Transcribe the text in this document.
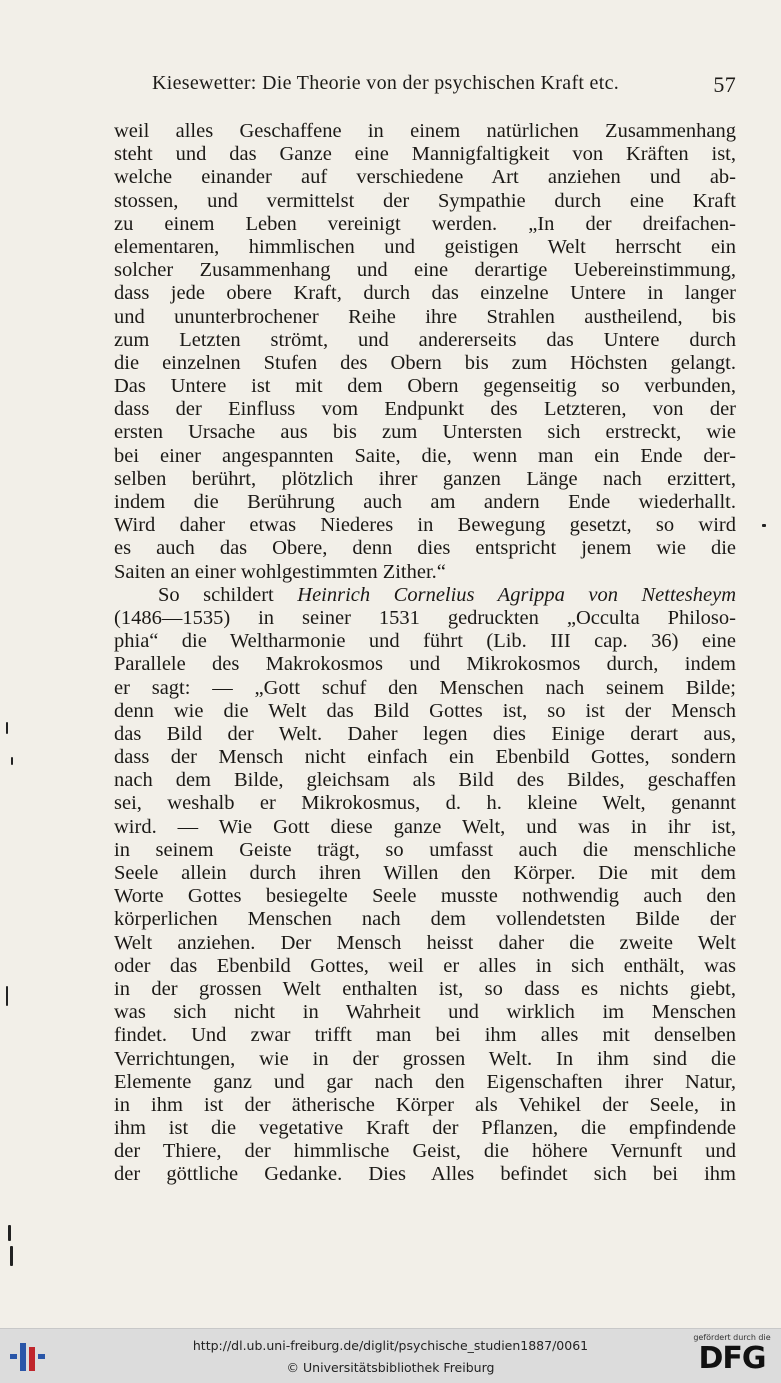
Kiesewetter: Die Theorie von der psychischen Kraft etc.	57
weil alles Geschaffene in einem natürlichen Zusammenhang
steht und das Ganze eine Mannigfaltigkeit von Kräften ist,
welche einander auf verschiedene Art anziehen und ab-
stossen, und vermittelst der Sympathie durch eine Kraft
zu einem Leben vereinigt werden. „In der dreifachen-
elementaren, himmlischen und geistigen Welt herrscht ein
solcher Zusammenhang und eine derartige Uebereinstimmung,
dass jede obere Kraft, durch das einzelne Untere in langer
und ununterbrochener Reihe ihre Strahlen austheilend, bis
zum Letzten strömt, und andererseits das Untere durch
die einzelnen Stufen des Obern bis zum Höchsten gelangt.
Das Untere ist mit dem Obern gegenseitig so verbunden,
dass der Einfluss vom Endpunkt des Letzteren, von der
ersten Ursache aus bis zum Untersten sich erstreckt, wie
bei einer angespannten Saite, die, wenn man ein Ende der-
selben berührt, plötzlich ihrer ganzen Länge nach erzittert,
indem die Berührung auch am andern Ende wiederhallt.
Wird daher etwas Niederes in Bewegung gesetzt, so wird
es auch das Obere, denn dies entspricht jenem wie die
Saiten an einer wohlgestimmten Zither.“
So schildert Heinrich Cornelius Agrippa von Nettesheym
(1486—1535) in seiner 1531 gedruckten „Occulta Philoso-
phia“ die Weltharmonie und führt (Lib. III cap. 36) eine
Parallele des Makrokosmos und Mikrokosmos durch, indem
er sagt: — „Gott schuf den Menschen nach seinem Bilde;
denn wie die Welt das Bild Gottes ist, so ist der Mensch
das Bild der Welt. Daher legen dies Einige derart aus,
dass der Mensch nicht einfach ein Ebenbild Gottes, sondern
nach dem Bilde, gleichsam als Bild des Bildes, geschaffen
sei, weshalb er Mikrokosmus, d. h. kleine Welt, genannt
wird. — Wie Gott diese ganze Welt, und was in ihr ist,
in seinem Geiste trägt, so umfasst auch die menschliche
Seele allein durch ihren Willen den Körper. Die mit dem
Worte Gottes besiegelte Seele musste nothwendig auch den
körperlichen Menschen nach dem vollendetsten Bilde der
Welt anziehen. Der Mensch heisst daher die zweite Welt
oder das Ebenbild Gottes, weil er alles in sich enthält, was
in der grossen Welt enthalten ist, so dass es nichts giebt,
was sich nicht in Wahrheit und wirklich im Menschen
findet. Und zwar trifft man bei ihm alles mit denselben
Verrichtungen, wie in der grossen Welt. In ihm sind die
Elemente ganz und gar nach den Eigenschaften ihrer Natur,
in ihm ist der ätherische Körper als Vehikel der Seele, in
ihm ist die vegetative Kraft der Pflanzen, die empfindende
der Thiere, der himmlische Geist, die höhere Vernunft und
der göttliche Gedanke. Dies Alles befindet sich bei ihm
http://dl.ub.uni-freiburg.de/diglit/psychische_studien1887/0061
© Universitätsbibliothek Freiburg
gefördert durch die
DFG
